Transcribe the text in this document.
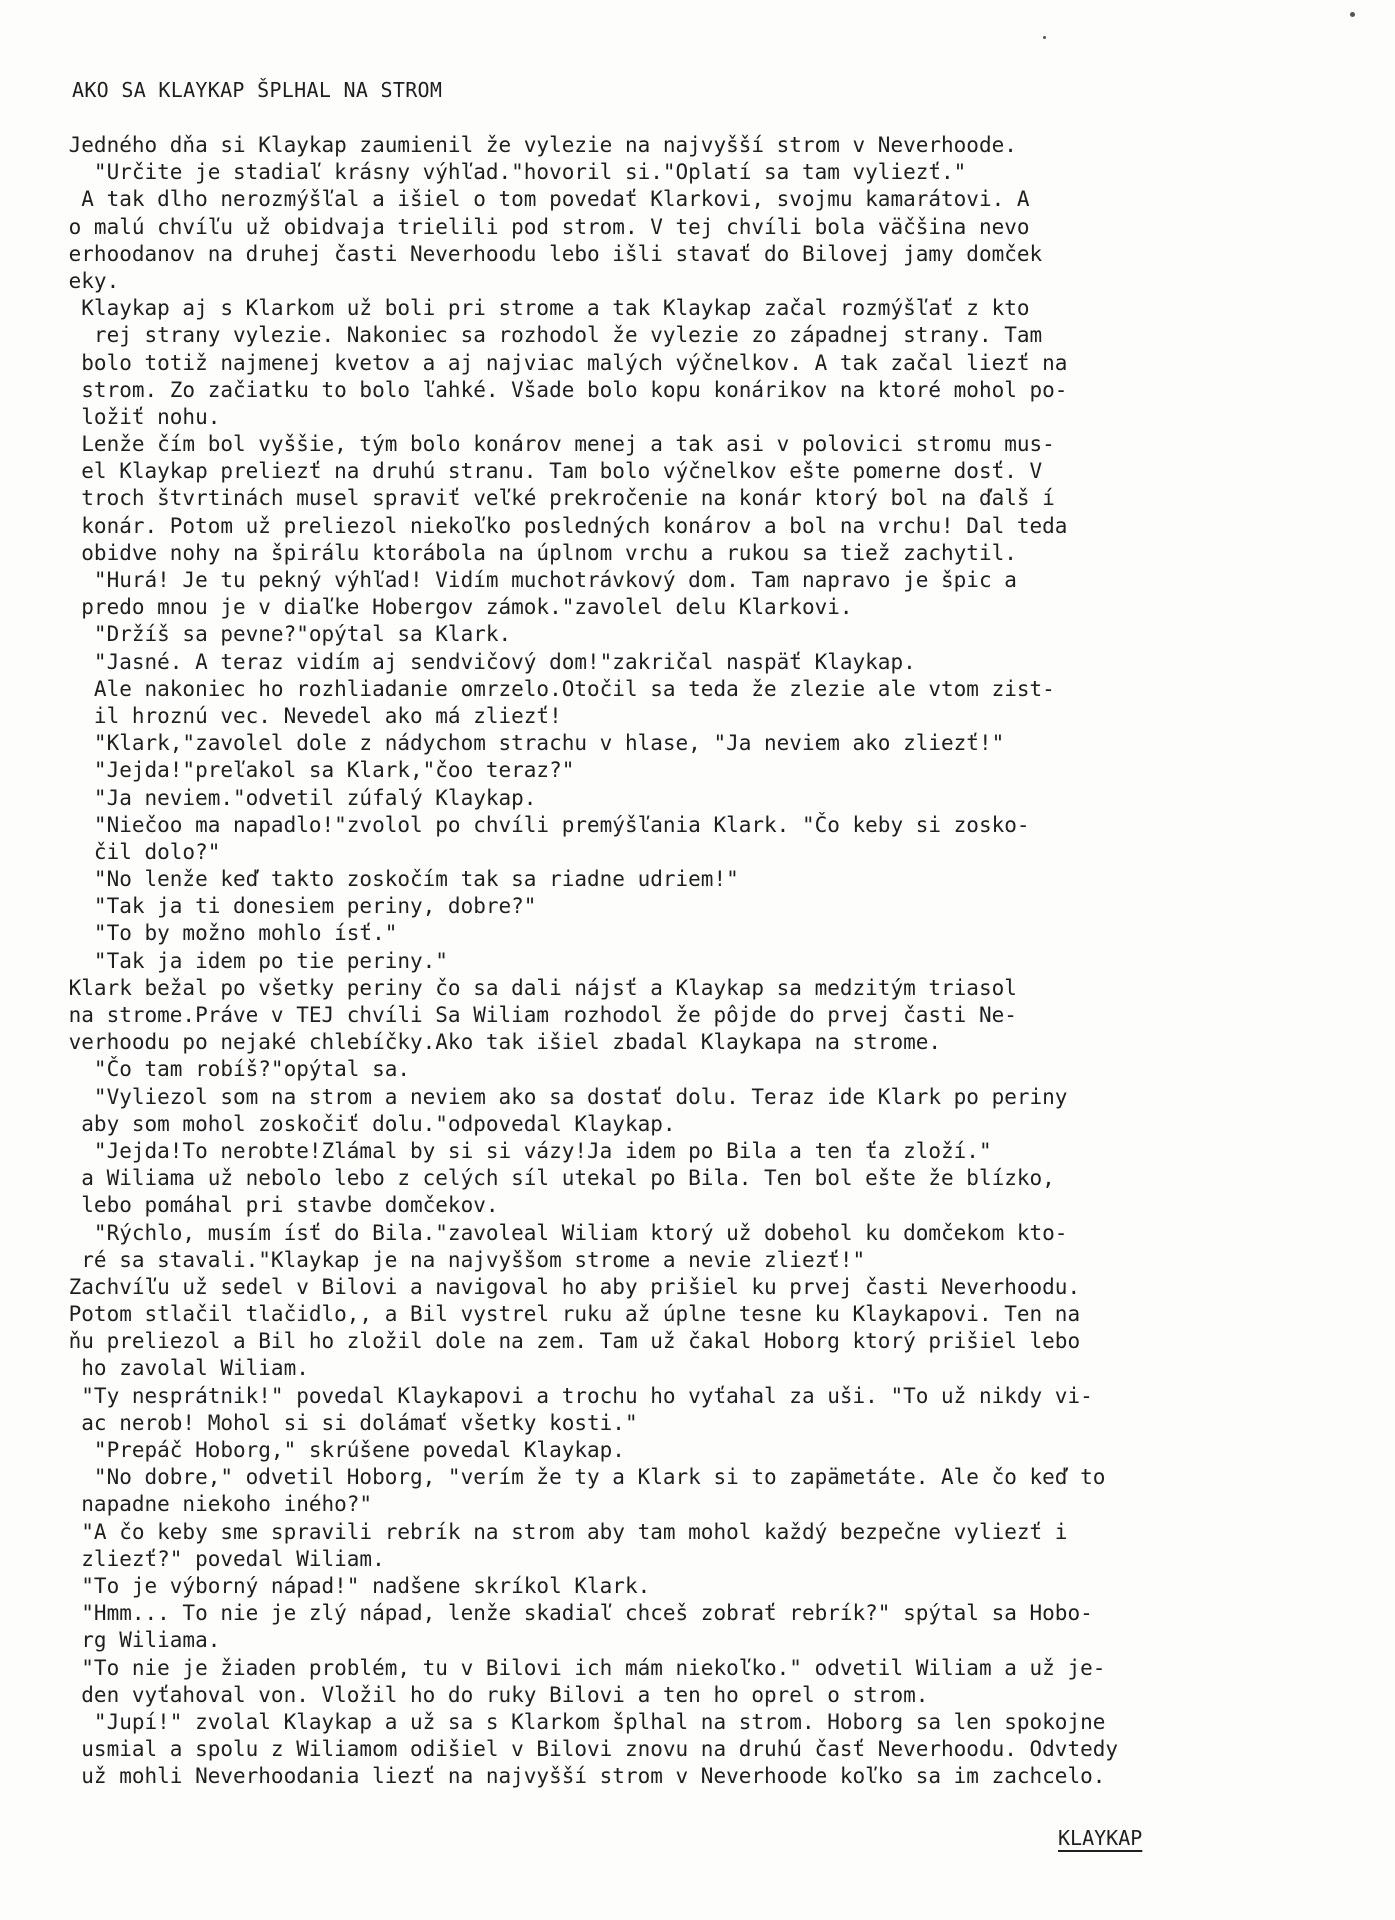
AKO SA KLAYKAP ŠPLHAL NA STROM
Jedného dňa si Klaykap zaumienil že vylezie na najvyšší strom v Neverhoode.
"Určite je stadiaľ krásny výhľad."hovoril si."Oplatí sa tam vyliezť."
A tak dlho nerozmýšľal a išiel o tom povedať Klarkovi, svojmu kamarátovi. A
o malú chvíľu už obidvaja trielili pod strom. V tej chvíli bola väčšina nevo
erhoodanov na druhej časti Neverhoodu lebo išli stavať do Bilovej jamy domček
eky.
Klaykap aj s Klarkom už boli pri strome a tak Klaykap začal rozmýšľať z kto
rej strany vylezie. Nakoniec sa rozhodol že vylezie zo západnej strany. Tam
bolo totiž najmenej kvetov a aj najviac malých výčnelkov. A tak začal liezť na
strom. Zo začiatku to bolo ľahké. Všade bolo kopu konárikov na ktoré mohol po-
ložiť nohu.
Lenže čím bol vyššie, tým bolo konárov menej a tak asi v polovici stromu mus-
el Klaykap preliezť na druhú stranu. Tam bolo výčnelkov ešte pomerne dosť. V
troch štvrtinách musel spraviť veľké prekročenie na konár ktorý bol na ďalš í
konár. Potom už preliezol niekoľko posledných konárov a bol na vrchu! Dal teda
obidve nohy na špirálu ktorábola na úplnom vrchu a rukou sa tiež zachytil.
"Hurá! Je tu pekný výhľad! Vidím muchotrávkový dom. Tam napravo je špic a
predo mnou je v diaľke Hobergov zámok."zavolel delu Klarkovi.
"Držíš sa pevne?"opýtal sa Klark.
"Jasné. A teraz vidím aj sendvičový dom!"zakričal naspäť Klaykap.
Ale nakoniec ho rozhliadanie omrzelo.Otočil sa teda že zlezie ale vtom zist-
il hroznú vec. Nevedel ako má zliezť!
"Klark,"zavolel dole z nádychom strachu v hlase, "Ja neviem ako zliezť!"
"Jejda!"preľakol sa Klark,"čoo teraz?"
"Ja neviem."odvetil zúfalý Klaykap.
"Niečoo ma napadlo!"zvolol po chvíli premýšľania Klark. "Čo keby si zosko-
čil dolo?"
"No lenže keď takto zoskočím tak sa riadne udriem!"
"Tak ja ti donesiem periny, dobre?"
"To by možno mohlo ísť."
"Tak ja idem po tie periny."
Klark bežal po všetky periny čo sa dali nájsť a Klaykap sa medzitým triasol
na strome.Práve v TEJ chvíli Sa Wiliam rozhodol že pôjde do prvej časti Ne-
verhoodu po nejaké chlebíčky.Ako tak išiel zbadal Klaykapa na strome.
"Čo tam robíš?"opýtal sa.
"Vyliezol som na strom a neviem ako sa dostať dolu. Teraz ide Klark po periny
aby som mohol zoskočiť dolu."odpovedal Klaykap.
"Jejda!To nerobte!Zlámal by si si vázy!Ja idem po Bila a ten ťa zloží."
a Wiliama už nebolo lebo z celých síl utekal po Bila. Ten bol ešte že blízko,
lebo pomáhal pri stavbe domčekov.
"Rýchlo, musím ísť do Bila."zavoleal Wiliam ktorý už dobehol ku domčekom kto-
ré sa stavali."Klaykap je na najvyššom strome a nevie zliezť!"
Zachvíľu už sedel v Bilovi a navigoval ho aby prišiel ku prvej časti Neverhoodu.
Potom stlačil tlačidlo,, a Bil vystrel ruku až úplne tesne ku Klaykapovi. Ten na
ňu preliezol a Bil ho zložil dole na zem. Tam už čakal Hoborg ktorý prišiel lebo
ho zavolal Wiliam.
"Ty nesprátnik!" povedal Klaykapovi a trochu ho vyťahal za uši. "To už nikdy vi-
ac nerob! Mohol si si dolámať všetky kosti."
"Prepáč Hoborg," skrúšene povedal Klaykap.
"No dobre," odvetil Hoborg, "verím že ty a Klark si to zapämetáte. Ale čo keď to
napadne niekoho iného?"
"A čo keby sme spravili rebrík na strom aby tam mohol každý bezpečne vyliezť i
zliezť?" povedal Wiliam.
"To je výborný nápad!" nadšene skríkol Klark.
"Hmm... To nie je zlý nápad, lenže skadiaľ chceš zobrať rebrík?" spýtal sa Hobo-
rg Wiliama.
"To nie je žiaden problém, tu v Bilovi ich mám niekoľko." odvetil Wiliam a už je-
den vyťahoval von. Vložil ho do ruky Bilovi a ten ho oprel o strom.
"Jupí!" zvolal Klaykap a už sa s Klarkom šplhal na strom. Hoborg sa len spokojne
usmial a spolu z Wiliamom odišiel v Bilovi znovu na druhú časť Neverhoodu. Odvtedy
už mohli Neverhoodania liezť na najvyšší strom v Neverhoode koľko sa im zachcelo.
KLAYKAP
